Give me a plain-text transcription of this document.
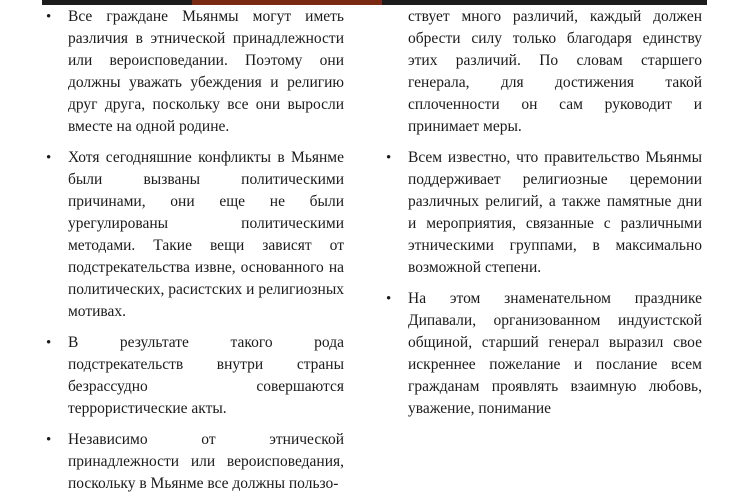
• Все граждане Мьянмы могут иметь различия в этнической принадлежности или вероисповедании. Поэтому они должны уважать убеждения и религию друг друга, поскольку все они выросли вместе на одной родине.
• Хотя сегодняшние конфликты в Мьянме были вызваны политическими причинами, они еще не были урегулированы политическими методами. Такие вещи зависят от подстрекательства извне, основанного на политических, расистских и религиозных мотивах.
• В результате такого рода подстрекательств внутри страны безрассудно совершаются террористические акты.
• Независимо от этнической принадлежности или вероисповедания, поскольку в Мьянме все должны пользо-
ствует много различий, каждый должен обрести силу только благодаря единству этих различий. По словам старшего генерала, для достижения такой сплоченности он сам руководит и принимает меры.
• Всем известно, что правительство Мьянмы поддерживает религиозные церемонии различных религий, а также памятные дни и мероприятия, связанные с различными этническими группами, в максимально возможной степени.
• На этом знаменательном празднике Дипавали, организованном индуистской общиной, старший генерал выразил свое искреннее пожелание и послание всем гражданам проявлять взаимную любовь, уважение, понимание
